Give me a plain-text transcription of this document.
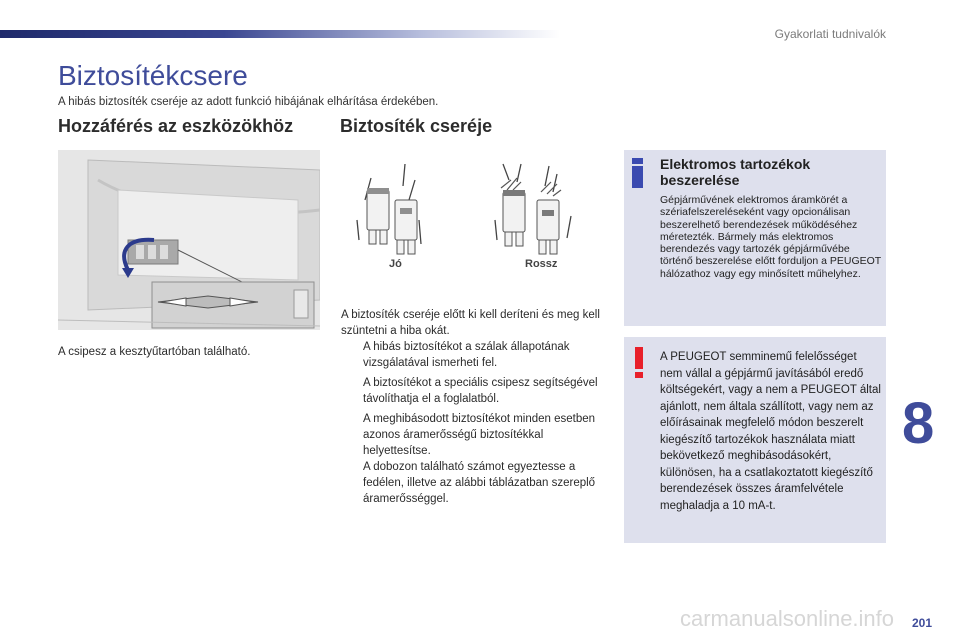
Gyakorlati tudnivalók
Biztosítékcsere
A hibás biztosíték cseréje az adott funkció hibájának elhárítása érdekében.
Hozzáférés az eszközökhöz	Biztosíték cseréje
A csipesz a kesztyűtartóban található.
Jó	Rossz
A biztosíték cseréje előtt ki kell deríteni és meg kell szüntetni a hiba okát.
A hibás biztosítékot a szálak állapotának vizsgálatával ismerheti fel.
A biztosítékot a speciális csipesz segítségével távolíthatja el a foglalatból.
A meghibásodott biztosítékot minden esetben azonos áramerősségű biztosítékkal helyettesítse.
A dobozon található számot egyeztesse a fedélen, illetve az alábbi táblázatban szereplő áramerősséggel.
Elektromos tartozékok beszerelése
Gépjárművének elektromos áramkörét a szériafelszereléseként vagy opcionálisan beszerelhető berendezések működéséhez méretezték. Bármely más elektromos berendezés vagy tartozék gépjárművébe történő beszerelése előtt forduljon a PEUGEOT hálózathoz vagy egy minősített műhelyhez.
A PEUGEOT semminemű felelősséget nem vállal a gépjármű javításából eredő költségekért, vagy a nem a PEUGEOT által ajánlott, nem általa szállított, vagy nem az előírásainak megfelelő módon beszerelt kiegészítő tartozékok használata miatt bekövetkező meghibásodásokért, különösen, ha a csatlakoztatott kiegészítő berendezések összes áramfelvétele meghaladja a 10 mA-t.
8
carmanualsonline.info 201
